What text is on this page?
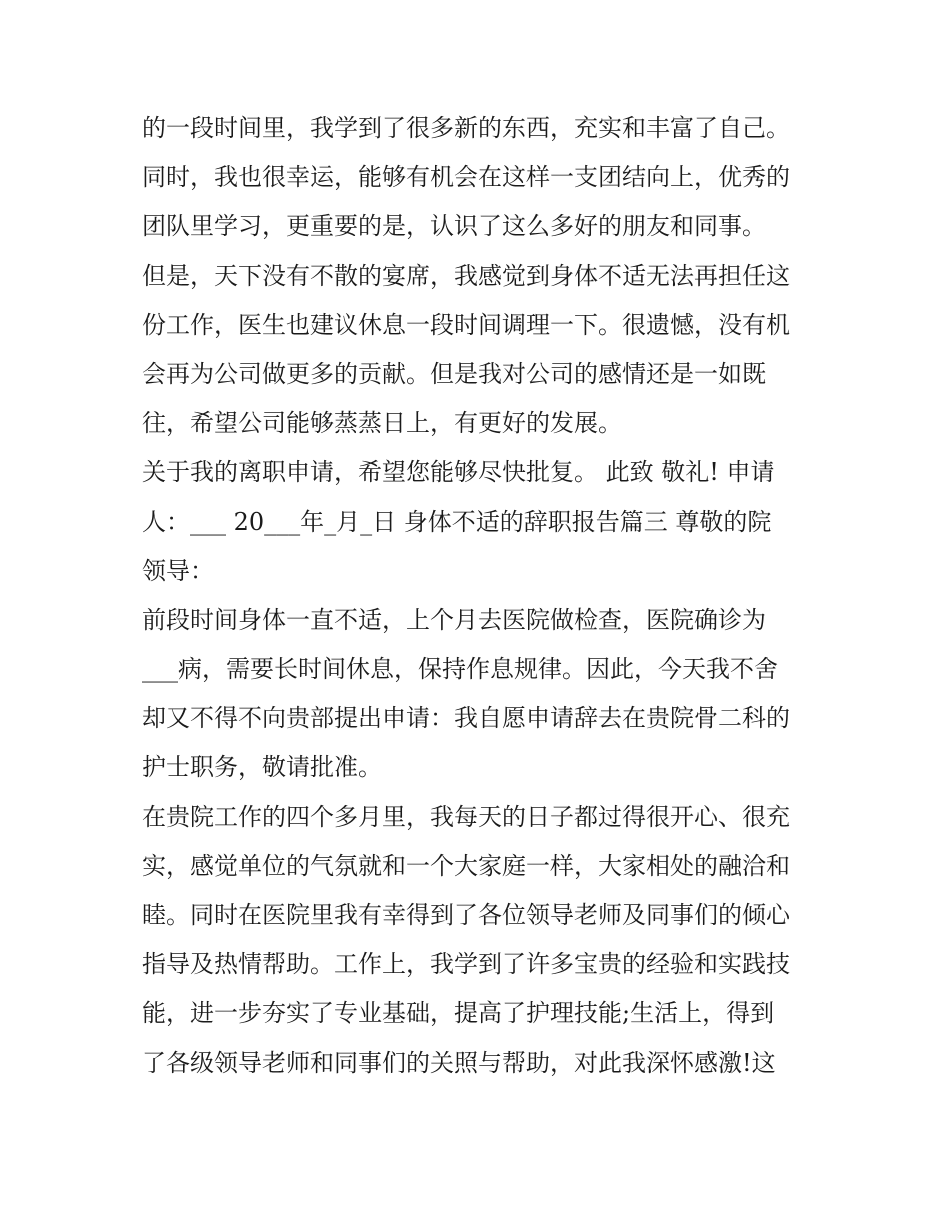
的一段时间里，我学到了很多新的东西，充实和丰富了自己。
同时，我也很幸运，能够有机会在这样一支团结向上，优秀的
团队里学习，更重要的是，认识了这么多好的朋友和同事。
但是，天下没有不散的宴席，我感觉到身体不适无法再担任这
份工作，医生也建议休息一段时间调理一下。很遗憾，没有机
会再为公司做更多的贡献。但是我对公司的感情还是一如既
往，希望公司能够蒸蒸日上，有更好的发展。
关于我的离职申请，希望您能够尽快批复。 此致 敬礼! 申请
人：___ 20___年_月_日 身体不适的辞职报告篇三 尊敬的院
领导：
前段时间身体一直不适，上个月去医院做检查，医院确诊为
___病，需要长时间休息，保持作息规律。因此，今天我不舍
却又不得不向贵部提出申请：我自愿申请辞去在贵院骨二科的
护士职务，敬请批准。
在贵院工作的四个多月里，我每天的日子都过得很开心、很充
实，感觉单位的气氛就和一个大家庭一样，大家相处的融洽和
睦。同时在医院里我有幸得到了各位领导老师及同事们的倾心
指导及热情帮助。工作上，我学到了许多宝贵的经验和实践技
能，进一步夯实了专业基础，提高了护理技能;生活上，得到
了各级领导老师和同事们的关照与帮助，对此我深怀感激!这
